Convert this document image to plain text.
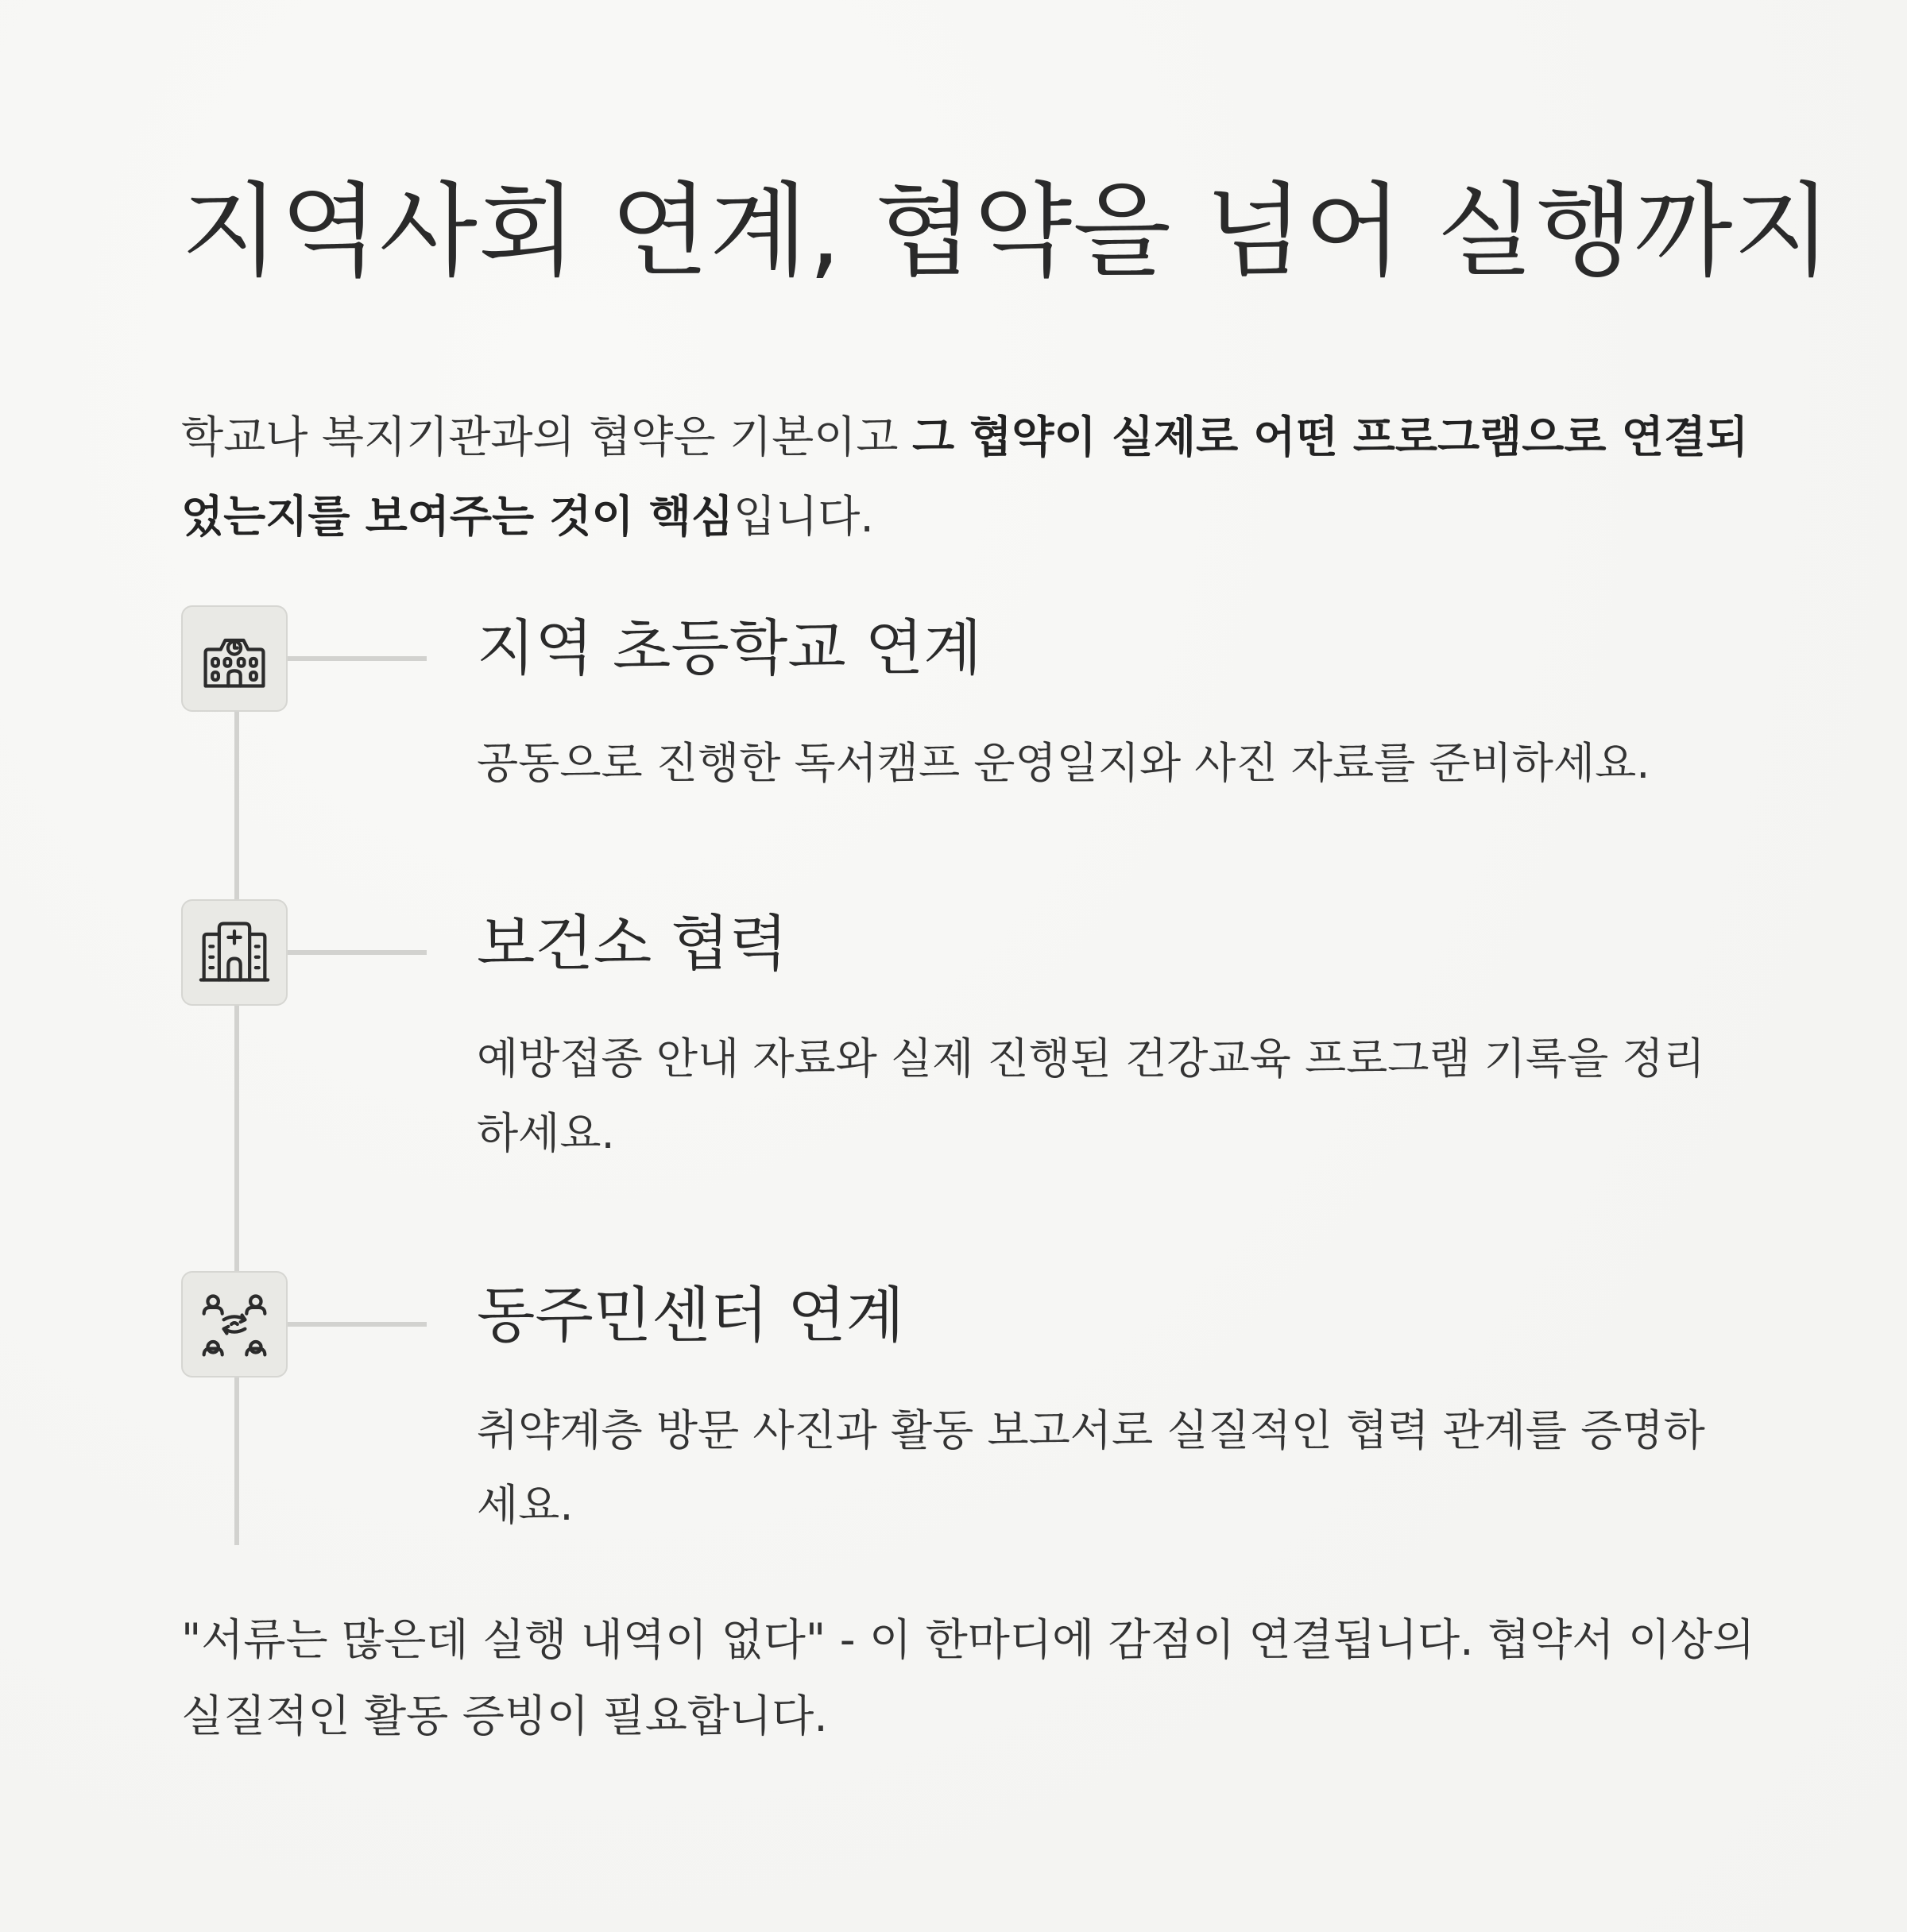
지역사회 연계, 협약을 넘어 실행까지

학교나 복지기관과의 협약은 기본이고 그 협약이 실제로 어떤 프로그램으로 연결되었는지를 보여주는 것이 핵심입니다.

지역 초등학교 연계

공동으로 진행한 독서캠프 운영일지와 사진 자료를 준비하세요.

보건소 협력

예방접종 안내 자료와 실제 진행된 건강교육 프로그램 기록을 정리하세요.

동주민센터 연계

취약계층 방문 사진과 활동 보고서로 실질적인 협력 관계를 증명하세요.

"서류는 많은데 실행 내역이 없다" - 이 한마디에 감점이 연결됩니다. 협약서 이상의 실질적인 활동 증빙이 필요합니다.
